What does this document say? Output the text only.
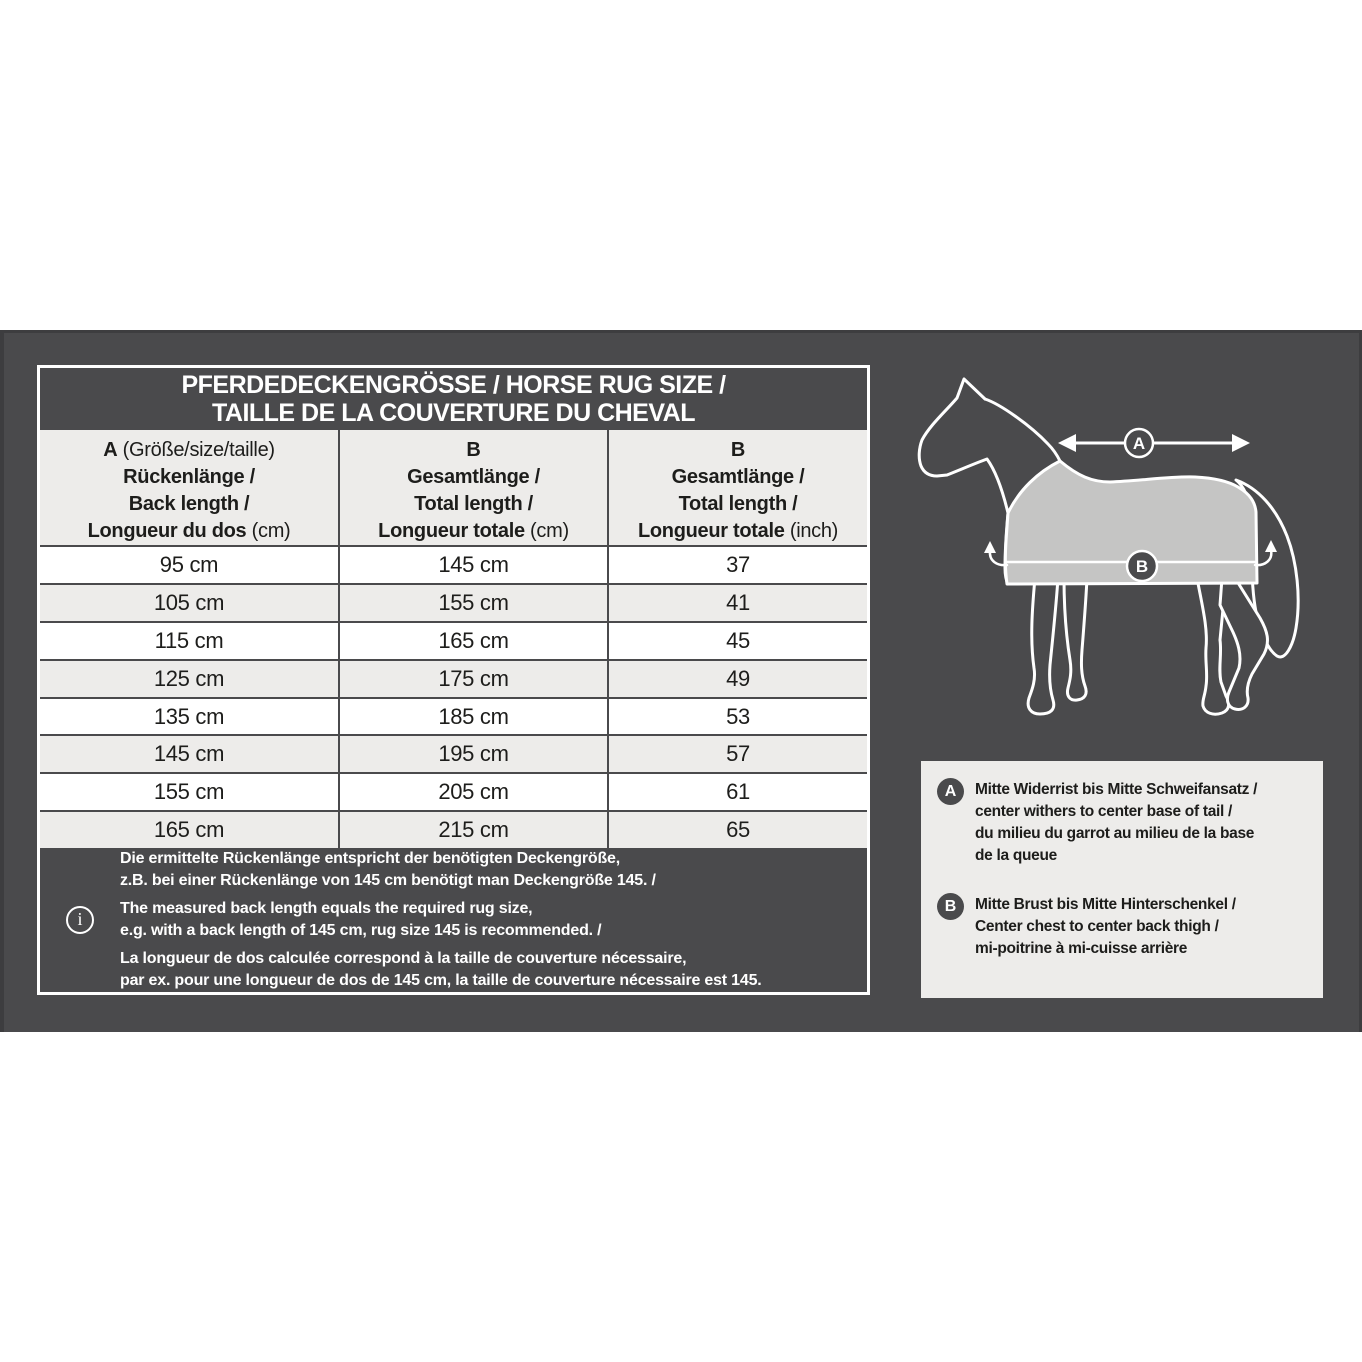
PFERDEDECKENGRÖSSE / HORSE RUG SIZE /
TAILLE DE LA COUVERTURE DU CHEVAL
A (Größe/size/taille)
Rückenlänge /
Back length /
Longueur du dos (cm)
B
Gesamtlänge /
Total length /
Longueur totale (cm)
B
Gesamtlänge /
Total length /
Longueur totale (inch)
95 cm	145 cm	37
105 cm	155 cm	41
115 cm	165 cm	45
125 cm	175 cm	49
135 cm	185 cm	53
145 cm	195 cm	57
155 cm	205 cm	61
165 cm	215 cm	65
i
Die ermittelte Rückenlänge entspricht der benötigten Deckengröße,
z.B. bei einer Rückenlänge von 145 cm benötigt man Deckengröße 145. /
The measured back length equals the required rug size,
e.g. with a back length of 145 cm, rug size 145 is recommended. /
La longueur de dos calculée correspond à la taille de couverture nécessaire,
par ex. pour une longueur de dos de 145 cm, la taille de couverture nécessaire est 145.
A
B
A	Mitte Widerrist bis Mitte Schweifansatz /
center withers to center base of tail /
du milieu du garrot au milieu de la base
de la queue
B	Mitte Brust bis Mitte Hinterschenkel /
Center chest to center back thigh /
mi-poitrine à mi-cuisse arrière
